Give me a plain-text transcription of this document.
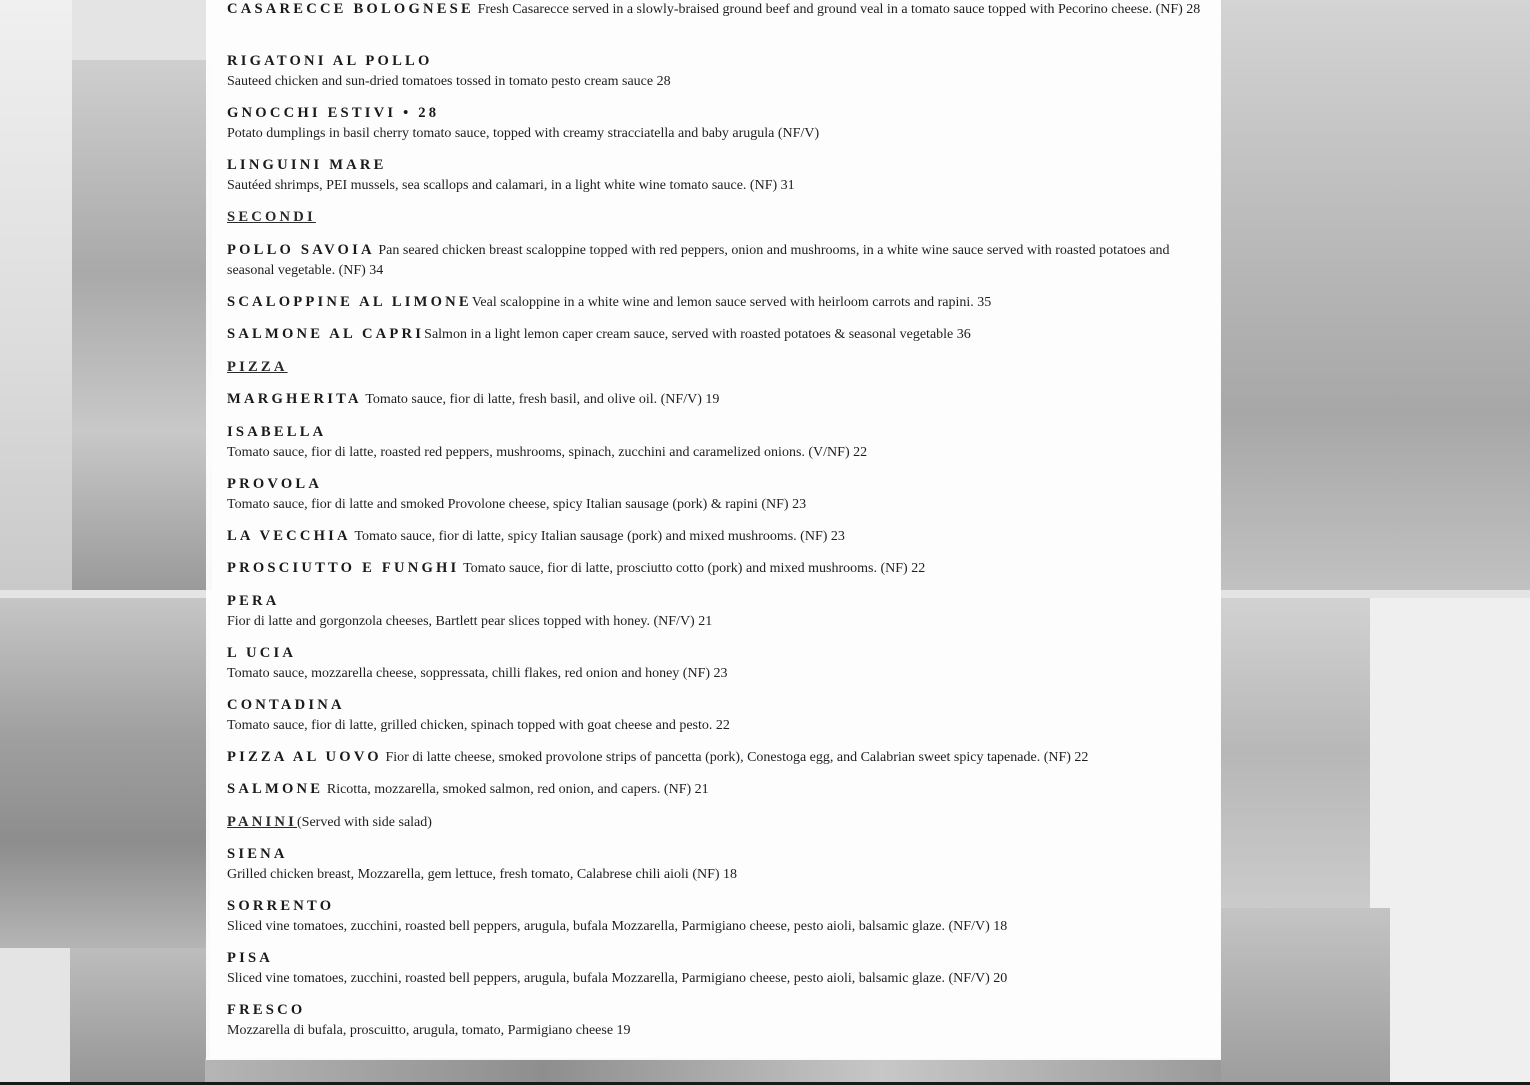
CASARECCE BOLOGNESE Fresh Casarecce served in a slowly-braised ground beef and ground veal in a tomato sauce topped with Pecorino cheese. (NF) 28
RIGATONI AL POLLO
Sauteed chicken and sun-dried tomatoes tossed in tomato pesto cream sauce 28
GNOCCHI ESTIVI • 28
Potato dumplings in basil cherry tomato sauce, topped with creamy stracciatella and baby arugula (NF/V)
LINGUINI MARE
Sautéed shrimps, PEI mussels, sea scallops and calamari, in a light white wine tomato sauce. (NF) 31
SECONDI
POLLO SAVOIA Pan seared chicken breast scaloppine topped with red peppers, onion and mushrooms, in a white wine sauce served with roasted potatoes and seasonal vegetable. (NF) 34
SCALOPPINE AL LIMONEVeal scaloppine in a white wine and lemon sauce served with heirloom carrots and rapini. 35
SALMONE AL CAPRISalmon in a light lemon caper cream sauce, served with roasted potatoes & seasonal vegetable 36
PIZZA
MARGHERITA Tomato sauce, fior di latte, fresh basil, and olive oil. (NF/V) 19
ISABELLA
Tomato sauce, fior di latte, roasted red peppers, mushrooms, spinach, zucchini and caramelized onions. (V/NF) 22
PROVOLA
Tomato sauce, fior di latte and smoked Provolone cheese, spicy Italian sausage (pork) & rapini (NF) 23
LA VECCHIA Tomato sauce, fior di latte, spicy Italian sausage (pork) and mixed mushrooms. (NF) 23
PROSCIUTTO E FUNGHI Tomato sauce, fior di latte, prosciutto cotto (pork) and mixed mushrooms. (NF) 22
PERA
Fior di latte and gorgonzola cheeses, Bartlett pear slices topped with honey. (NF/V) 21
L UCIA
Tomato sauce, mozzarella cheese, soppressata, chilli flakes, red onion and honey (NF) 23
CONTADINA
Tomato sauce, fior di latte, grilled chicken, spinach topped with goat cheese and pesto. 22
PIZZA AL UOVO Fior di latte cheese, smoked provolone strips of pancetta (pork), Conestoga egg, and Calabrian sweet spicy tapenade. (NF) 22
SALMONE Ricotta, mozzarella, smoked salmon, red onion, and capers. (NF) 21
PANINI(Served with side salad)
SIENA
Grilled chicken breast, Mozzarella, gem lettuce, fresh tomato, Calabrese chili aioli (NF) 18
SORRENTO
Sliced vine tomatoes, zucchini, roasted bell peppers, arugula, bufala Mozzarella, Parmigiano cheese, pesto aioli, balsamic glaze. (NF/V) 18
PISA
Sliced vine tomatoes, zucchini, roasted bell peppers, arugula, bufala Mozzarella, Parmigiano cheese, pesto aioli, balsamic glaze. (NF/V) 20
FRESCO
Mozzarella di bufala, proscuitto, arugula, tomato, Parmigiano cheese 19
